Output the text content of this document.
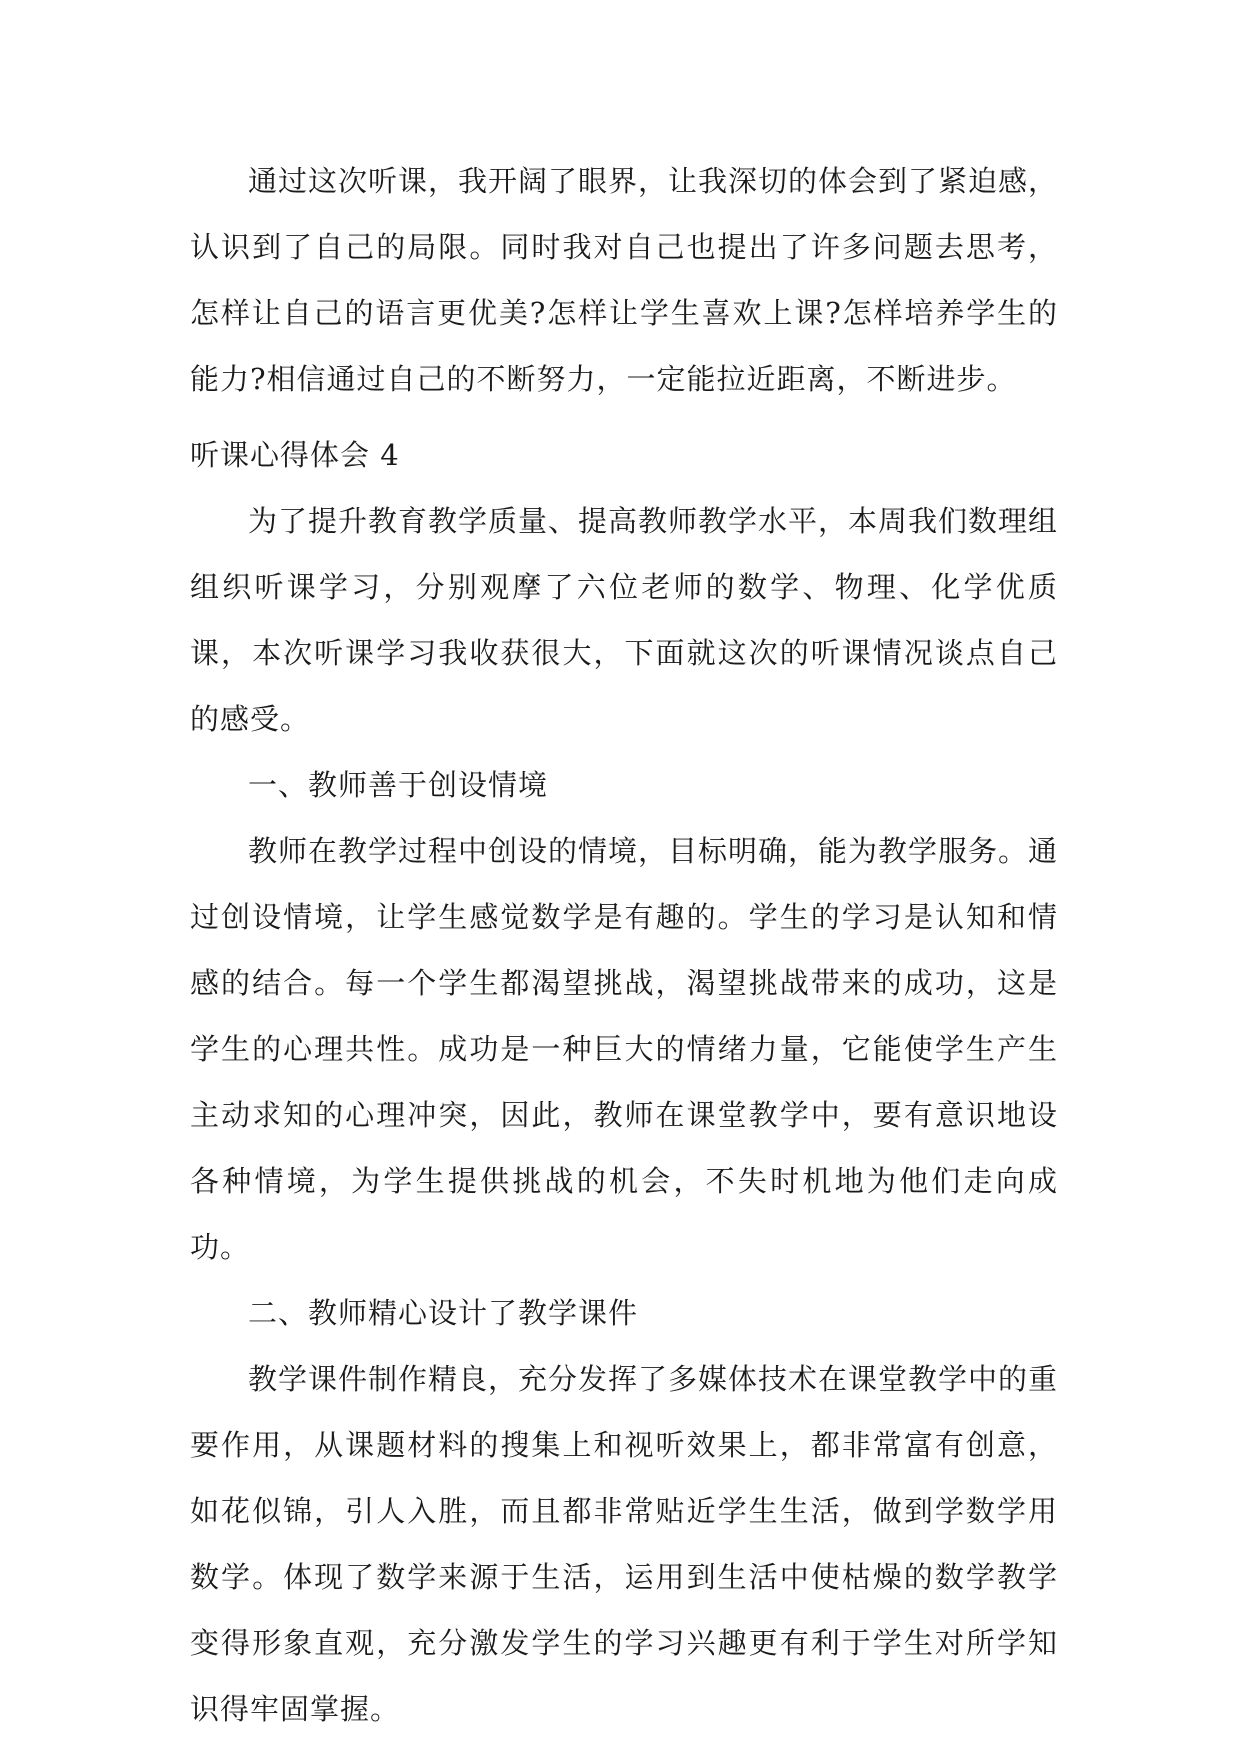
通过这次听课，我开阔了眼界，让我深切的体会到了紧迫感，认识到了自己的局限。同时我对自己也提出了许多问题去思考，怎样让自己的语言更优美?怎样让学生喜欢上课?怎样培养学生的能力?相信通过自己的不断努力，一定能拉近距离，不断进步。

听课心得体会 4

为了提升教育教学质量、提高教师教学水平，本周我们数理组组织听课学习，分别观摩了六位老师的数学、物理、化学优质课，本次听课学习我收获很大，下面就这次的听课情况谈点自己的感受。

一、教师善于创设情境

教师在教学过程中创设的情境，目标明确，能为教学服务。通过创设情境，让学生感觉数学是有趣的。学生的学习是认知和情感的结合。每一个学生都渴望挑战，渴望挑战带来的成功，这是学生的心理共性。成功是一种巨大的情绪力量，它能使学生产生主动求知的心理冲突，因此，教师在课堂教学中，要有意识地设各种情境，为学生提供挑战的机会，不失时机地为他们走向成功。

二、教师精心设计了教学课件

教学课件制作精良，充分发挥了多媒体技术在课堂教学中的重要作用，从课题材料的搜集上和视听效果上，都非常富有创意，如花似锦，引人入胜，而且都非常贴近学生生活，做到学数学用数学。体现了数学来源于生活，运用到生活中使枯燥的数学教学变得形象直观，充分激发学生的学习兴趣更有利于学生对所学知识得牢固掌握。
